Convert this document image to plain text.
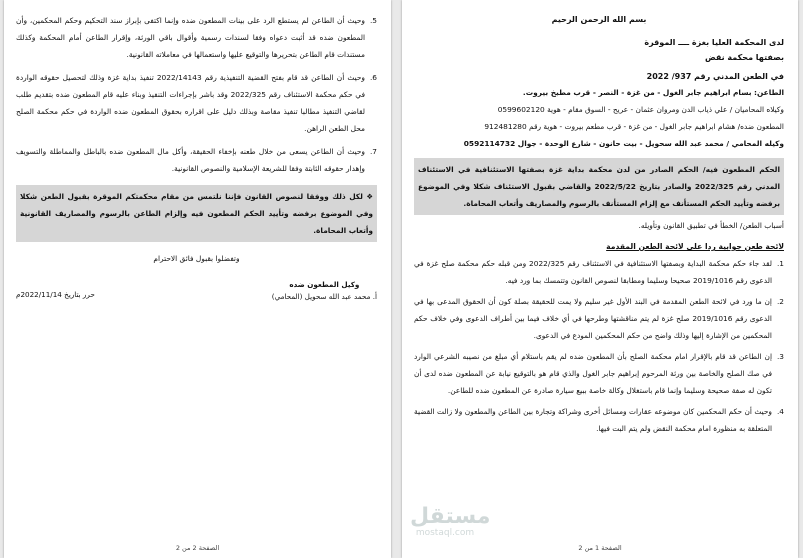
5.
وحيث أن الطاعن لم يستطع الرد على بينات المطعون ضده وإنما اكتفى بإبراز سند التحكيم وحكم المحكمين، وأن المطعون ضده قد أثبت دعواه وفقا لسندات رسمية وأقوال باقي الورثة، وإقرار الطاعن أمام المحكمة وكذلك مستندات قام الطاعن بتحريرها والتوقيع عليها واستعمالها في معاملاته القانونية.

6.
وحيث أن الطاعن قد قام بفتح القضية التنفيذية رقم 2022/14143 تنفيذ بداية غزة وذلك لتحصيل حقوقه الواردة في حكم محكمة الاستئناف رقم 2022/325 وقد باشر بإجراءات التنفيذ وبناء عليه قام المطعون ضده بتقديم طلب لقاضي التنفيذ مطالبا تنفيذ مقاصة وبذلك دليل على اقراره بحقوق المطعون ضده الواردة في حكم محكمة الصلح محل الطعن الراهن.

7.
وحيث أن الطاعن يسعى من خلال طعنه بإخفاء الحقيقة، وأكل مال المطعون ضده بالباطل والمماطلة والتسويف وإهدار حقوقه الثابتة وفقا للشريعة الإسلامية والنصوص القانونية.

❖ لكل ذلك ووفقا لنصوص القانون فإننا نلتمس من مقام محكمتكم الموقرة بقبول الطعن شكلا وفي الموضوع برفضه وتأييد الحكم المطعون فيه وإلزام الطاعن بالرسوم والمصاريف القانونية وأتعاب المحاماة.

وتفضلوا بقبول فائق الاحترام

وكيل المطعون ضده
أ. محمد عبد الله سحويل (المحامي)
حرر بتاريخ 2022/11/14م
الصفحة 2 من 2

بسم الله الرحمن الرحيم

لدى المحكمة العليا بغزة ــــ الموقرة

بصفتها محكمة نقض

في الطعن المدني رقم 937/ 2022

الطاعن: بسام ابراهيم جابر الغول - من غزة - النصر - قرب مطبخ بيروت.

وكيلاه المحاميان / علي ذياب الدن ومروان عثمان - عريح - السوق مقام - هوية 0599602120

المطعون ضده/ هشام ابراهيم جابر الغول - من غزة - قرب مطعم بيروت - هوية رقم 912481280

وكيله المحامي / محمد عبد الله سحويل - بيت حانون - شارع الوحدة - جوال 0592114732

الحكم المطعون فيه/ الحكم الصادر من لدن محكمة بداية غزة بصفتها الاستئنافية في الاستئناف المدني رقم 2022/325 والصادر بتاريخ 2022/5/22 والقاضي بقبول الاستئناف شكلا وفي الموضوع برفضه وتأييد الحكم المستأنف مع إلزام المستأنف بالرسوم والمصاريف وأتعاب المحاماة.

أسباب الطعن/ الخطأ في تطبيق القانون وتأويله.

لائحة طعن جوابية ردا على لائحة الطعن المقدمة

1.
لقد جاء حكم محكمة البداية وبصفتها الاستئنافية في الاستئناف رقم 2022/325 ومن قبله حكم محكمة صلح غزة في الدعوى رقم 2019/1016 صحيحا وسليما ومطابقا لنصوص القانون وتتمسك بما ورد فيه.

2.
إن ما ورد في لائحة الطعن المقدمة في البند الأول غير سليم ولا يمت للحقيقة بصلة كون أن الحقوق المدعى بها في الدعوى رقم 2019/1016 صلح غزة لم يتم مناقشتها وطرحها في أي خلاف فيما بين أطراف الدعوى وفي خلاف حكم المحكمين من الإشارة إليها وذلك واضح من حكم المحكمين المودع في الدعوى.

3.
إن الطاعن قد قام بالإقرار امام محكمة الصلح بأن المطعون ضده لم يقم باستلام أي مبلغ من نصيبه الشرعي الوارد في صك الصلح والخاصة بين ورثة المرحوم إبراهيم جابر الغول والذي قام هو بالتوقيع نيابة عن المطعون ضده لدى أن تكون له صفة صحيحة وسليما وإنما قام باستغلال وكالة خاصة ببيع سيارة صادرة عن المطعون ضده للطاعن.

4.
وحيث أن حكم المحكمين كان موضوعه عقارات ومسائل أخرى وشراكة وتجارة بين الطاعن والمطعون ولا زالت القضية المتعلقة به منظورة امام محكمة النقض ولم يتم البت فيها.

الصفحة 1 من 2
مستقل
mostaql.com
